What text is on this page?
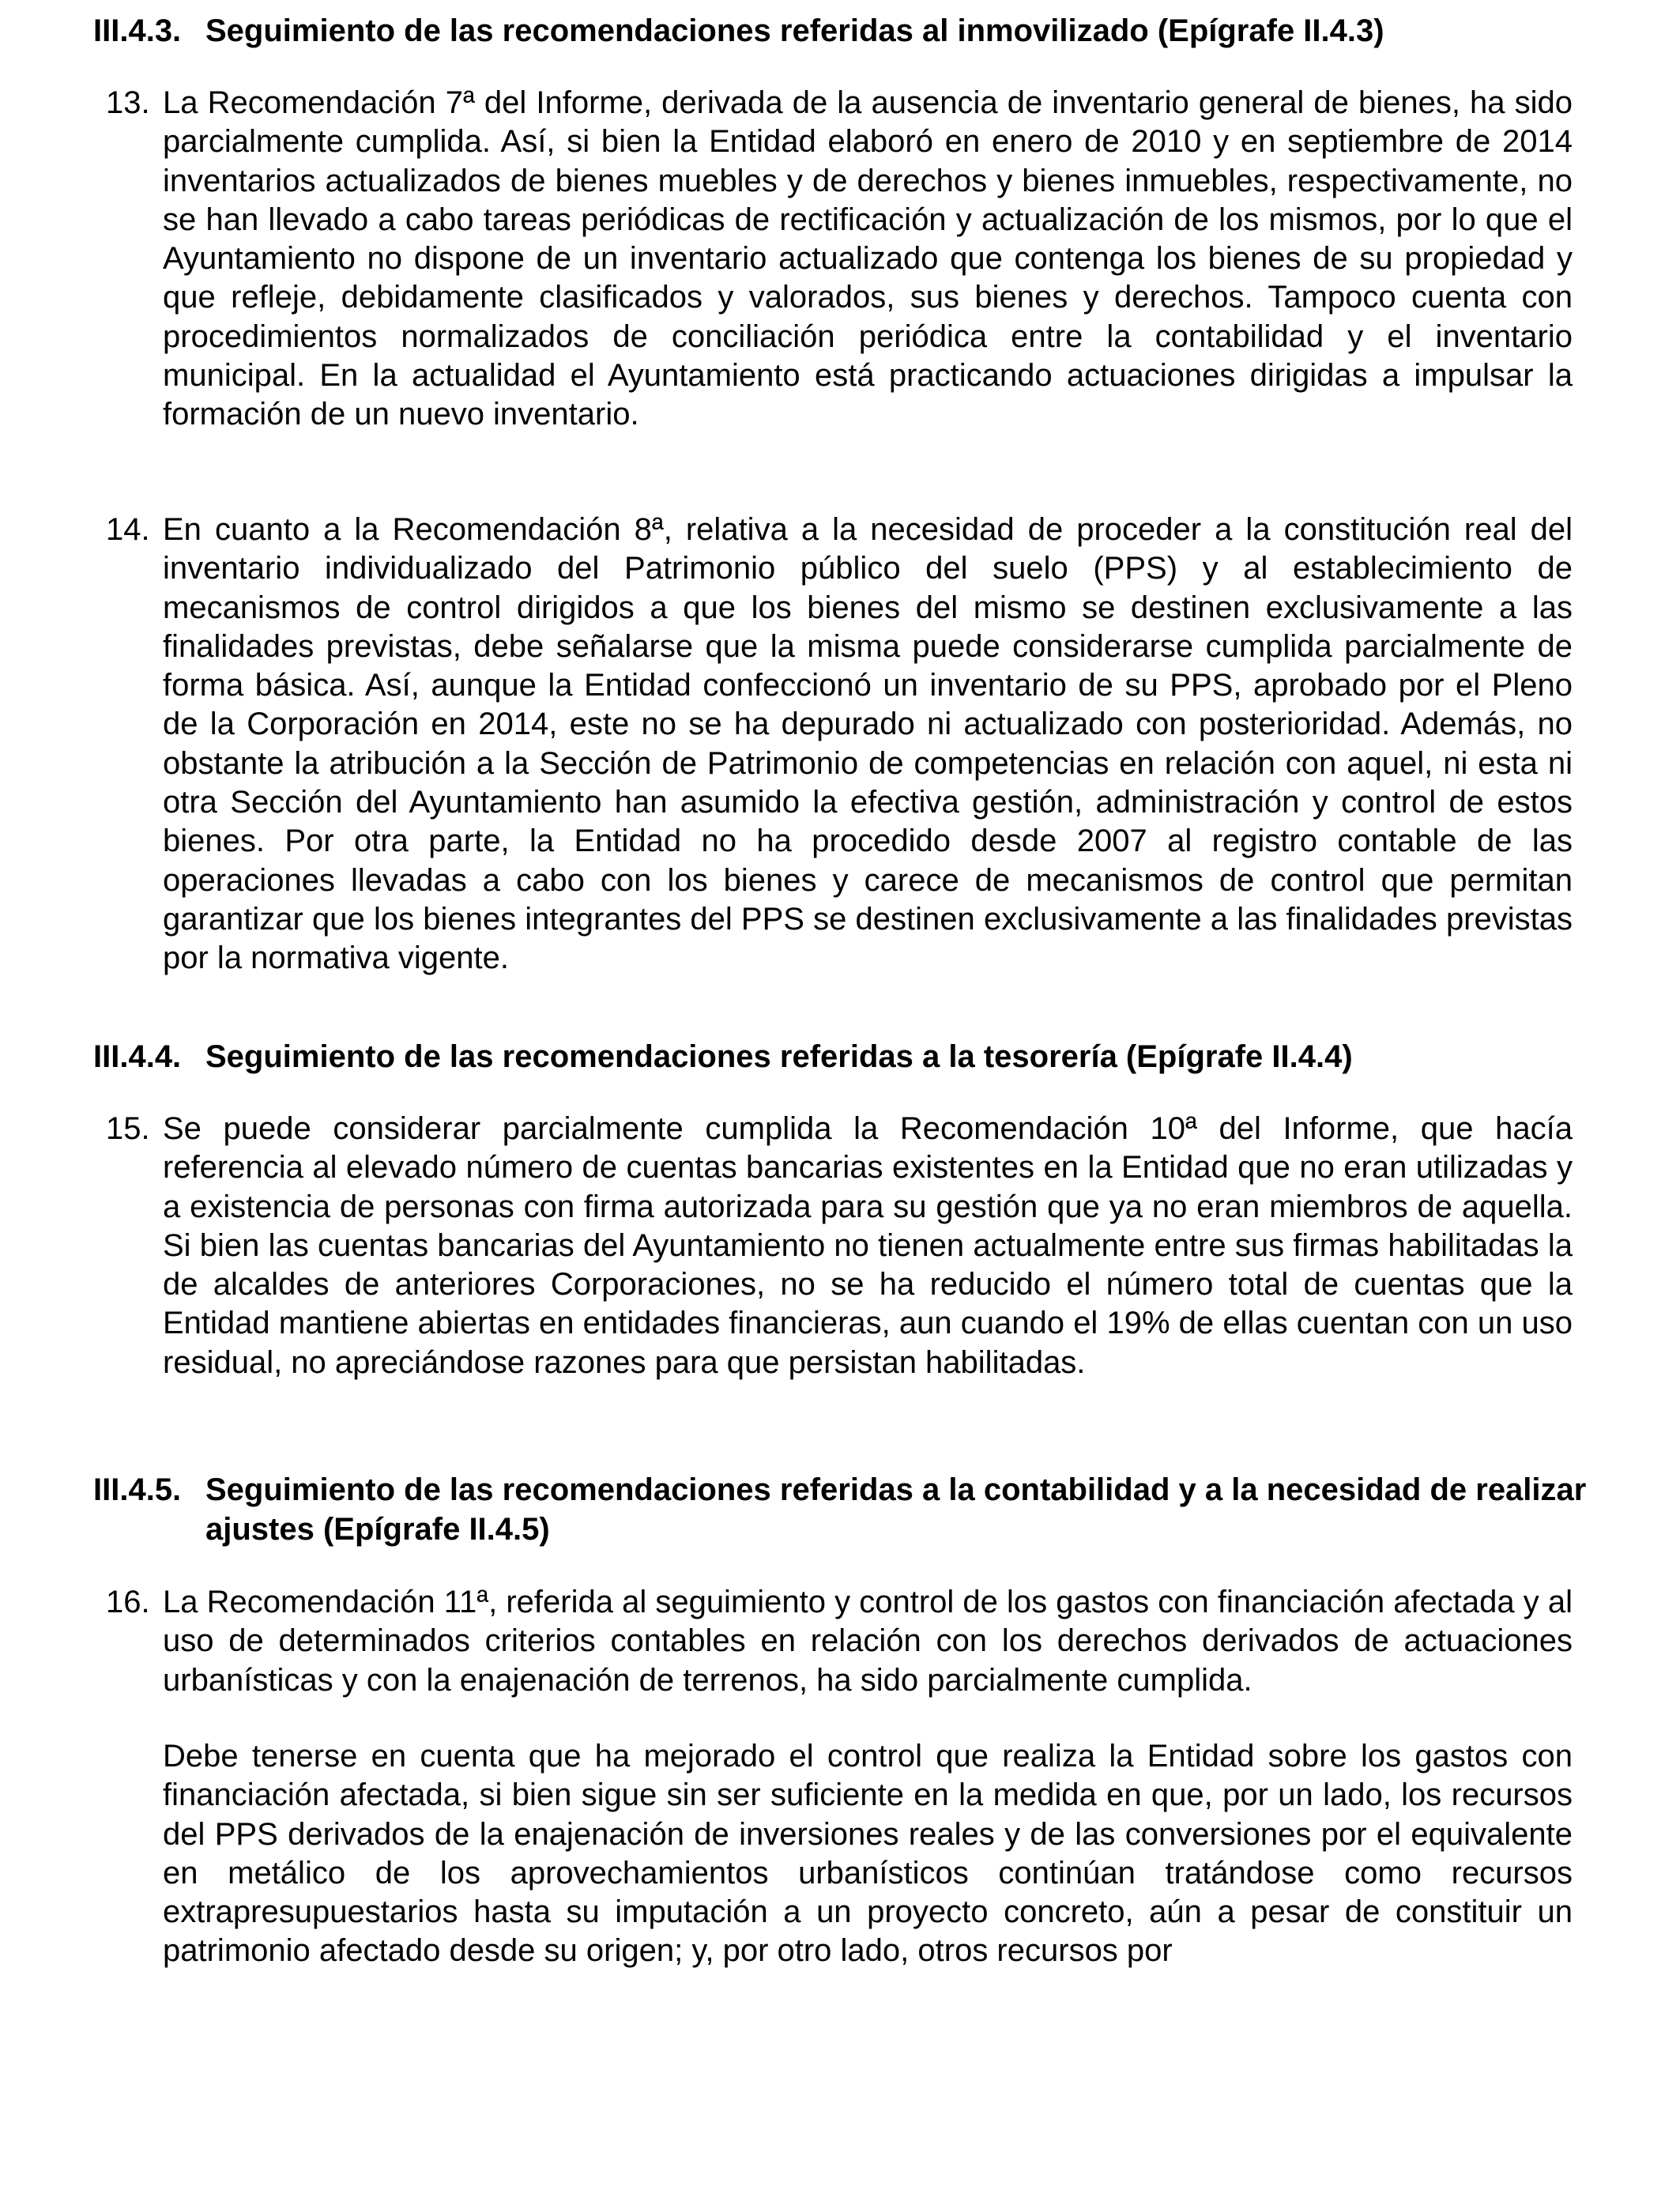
III.4.3. Seguimiento de las recomendaciones referidas al inmovilizado (Epígrafe II.4.3)
13. La Recomendación 7ª del Informe, derivada de la ausencia de inventario general de bienes, ha sido parcialmente cumplida. Así, si bien la Entidad elaboró en enero de 2010 y en septiembre de 2014 inventarios actualizados de bienes muebles y de derechos y bienes inmuebles, respectivamente, no se han llevado a cabo tareas periódicas de rectificación y actualización de los mismos, por lo que el Ayuntamiento no dispone de un inventario actualizado que contenga los bienes de su propiedad y que refleje, debidamente clasificados y valorados, sus bienes y derechos. Tampoco cuenta con procedimientos normalizados de conciliación periódica entre la contabilidad y el inventario municipal. En la actualidad el Ayuntamiento está practicando actuaciones dirigidas a impulsar la formación de un nuevo inventario.
14. En cuanto a la Recomendación 8ª, relativa a la necesidad de proceder a la constitución real del inventario individualizado del Patrimonio público del suelo (PPS) y al establecimiento de mecanismos de control dirigidos a que los bienes del mismo se destinen exclusivamente a las finalidades previstas, debe señalarse que la misma puede considerarse cumplida parcialmente de forma básica. Así, aunque la Entidad confeccionó un inventario de su PPS, aprobado por el Pleno de la Corporación en 2014, este no se ha depurado ni actualizado con posterioridad. Además, no obstante la atribución a la Sección de Patrimonio de competencias en relación con aquel, ni esta ni otra Sección del Ayuntamiento han asumido la efectiva gestión, administración y control de estos bienes. Por otra parte, la Entidad no ha procedido desde 2007 al registro contable de las operaciones llevadas a cabo con los bienes y carece de mecanismos de control que permitan garantizar que los bienes integrantes del PPS se destinen exclusivamente a las finalidades previstas por la normativa vigente.
III.4.4. Seguimiento de las recomendaciones referidas a la tesorería (Epígrafe II.4.4)
15. Se puede considerar parcialmente cumplida la Recomendación 10ª del Informe, que hacía referencia al elevado número de cuentas bancarias existentes en la Entidad que no eran utilizadas y a existencia de personas con firma autorizada para su gestión que ya no eran miembros de aquella. Si bien las cuentas bancarias del Ayuntamiento no tienen actualmente entre sus firmas habilitadas la de alcaldes de anteriores Corporaciones, no se ha reducido el número total de cuentas que la Entidad mantiene abiertas en entidades financieras, aun cuando el 19% de ellas cuentan con un uso residual, no apreciándose razones para que persistan habilitadas.
III.4.5. Seguimiento de las recomendaciones referidas a la contabilidad y a la necesidad de realizar ajustes (Epígrafe II.4.5)
16. La Recomendación 11ª, referida al seguimiento y control de los gastos con financiación afectada y al uso de determinados criterios contables en relación con los derechos derivados de actuaciones urbanísticas y con la enajenación de terrenos, ha sido parcialmente cumplida.
Debe tenerse en cuenta que ha mejorado el control que realiza la Entidad sobre los gastos con financiación afectada, si bien sigue sin ser suficiente en la medida en que, por un lado, los recursos del PPS derivados de la enajenación de inversiones reales y de las conversiones por el equivalente en metálico de los aprovechamientos urbanísticos continúan tratándose como recursos extrapresupuestarios hasta su imputación a un proyecto concreto, aún a pesar de constituir un patrimonio afectado desde su origen; y, por otro lado, otros recursos por
